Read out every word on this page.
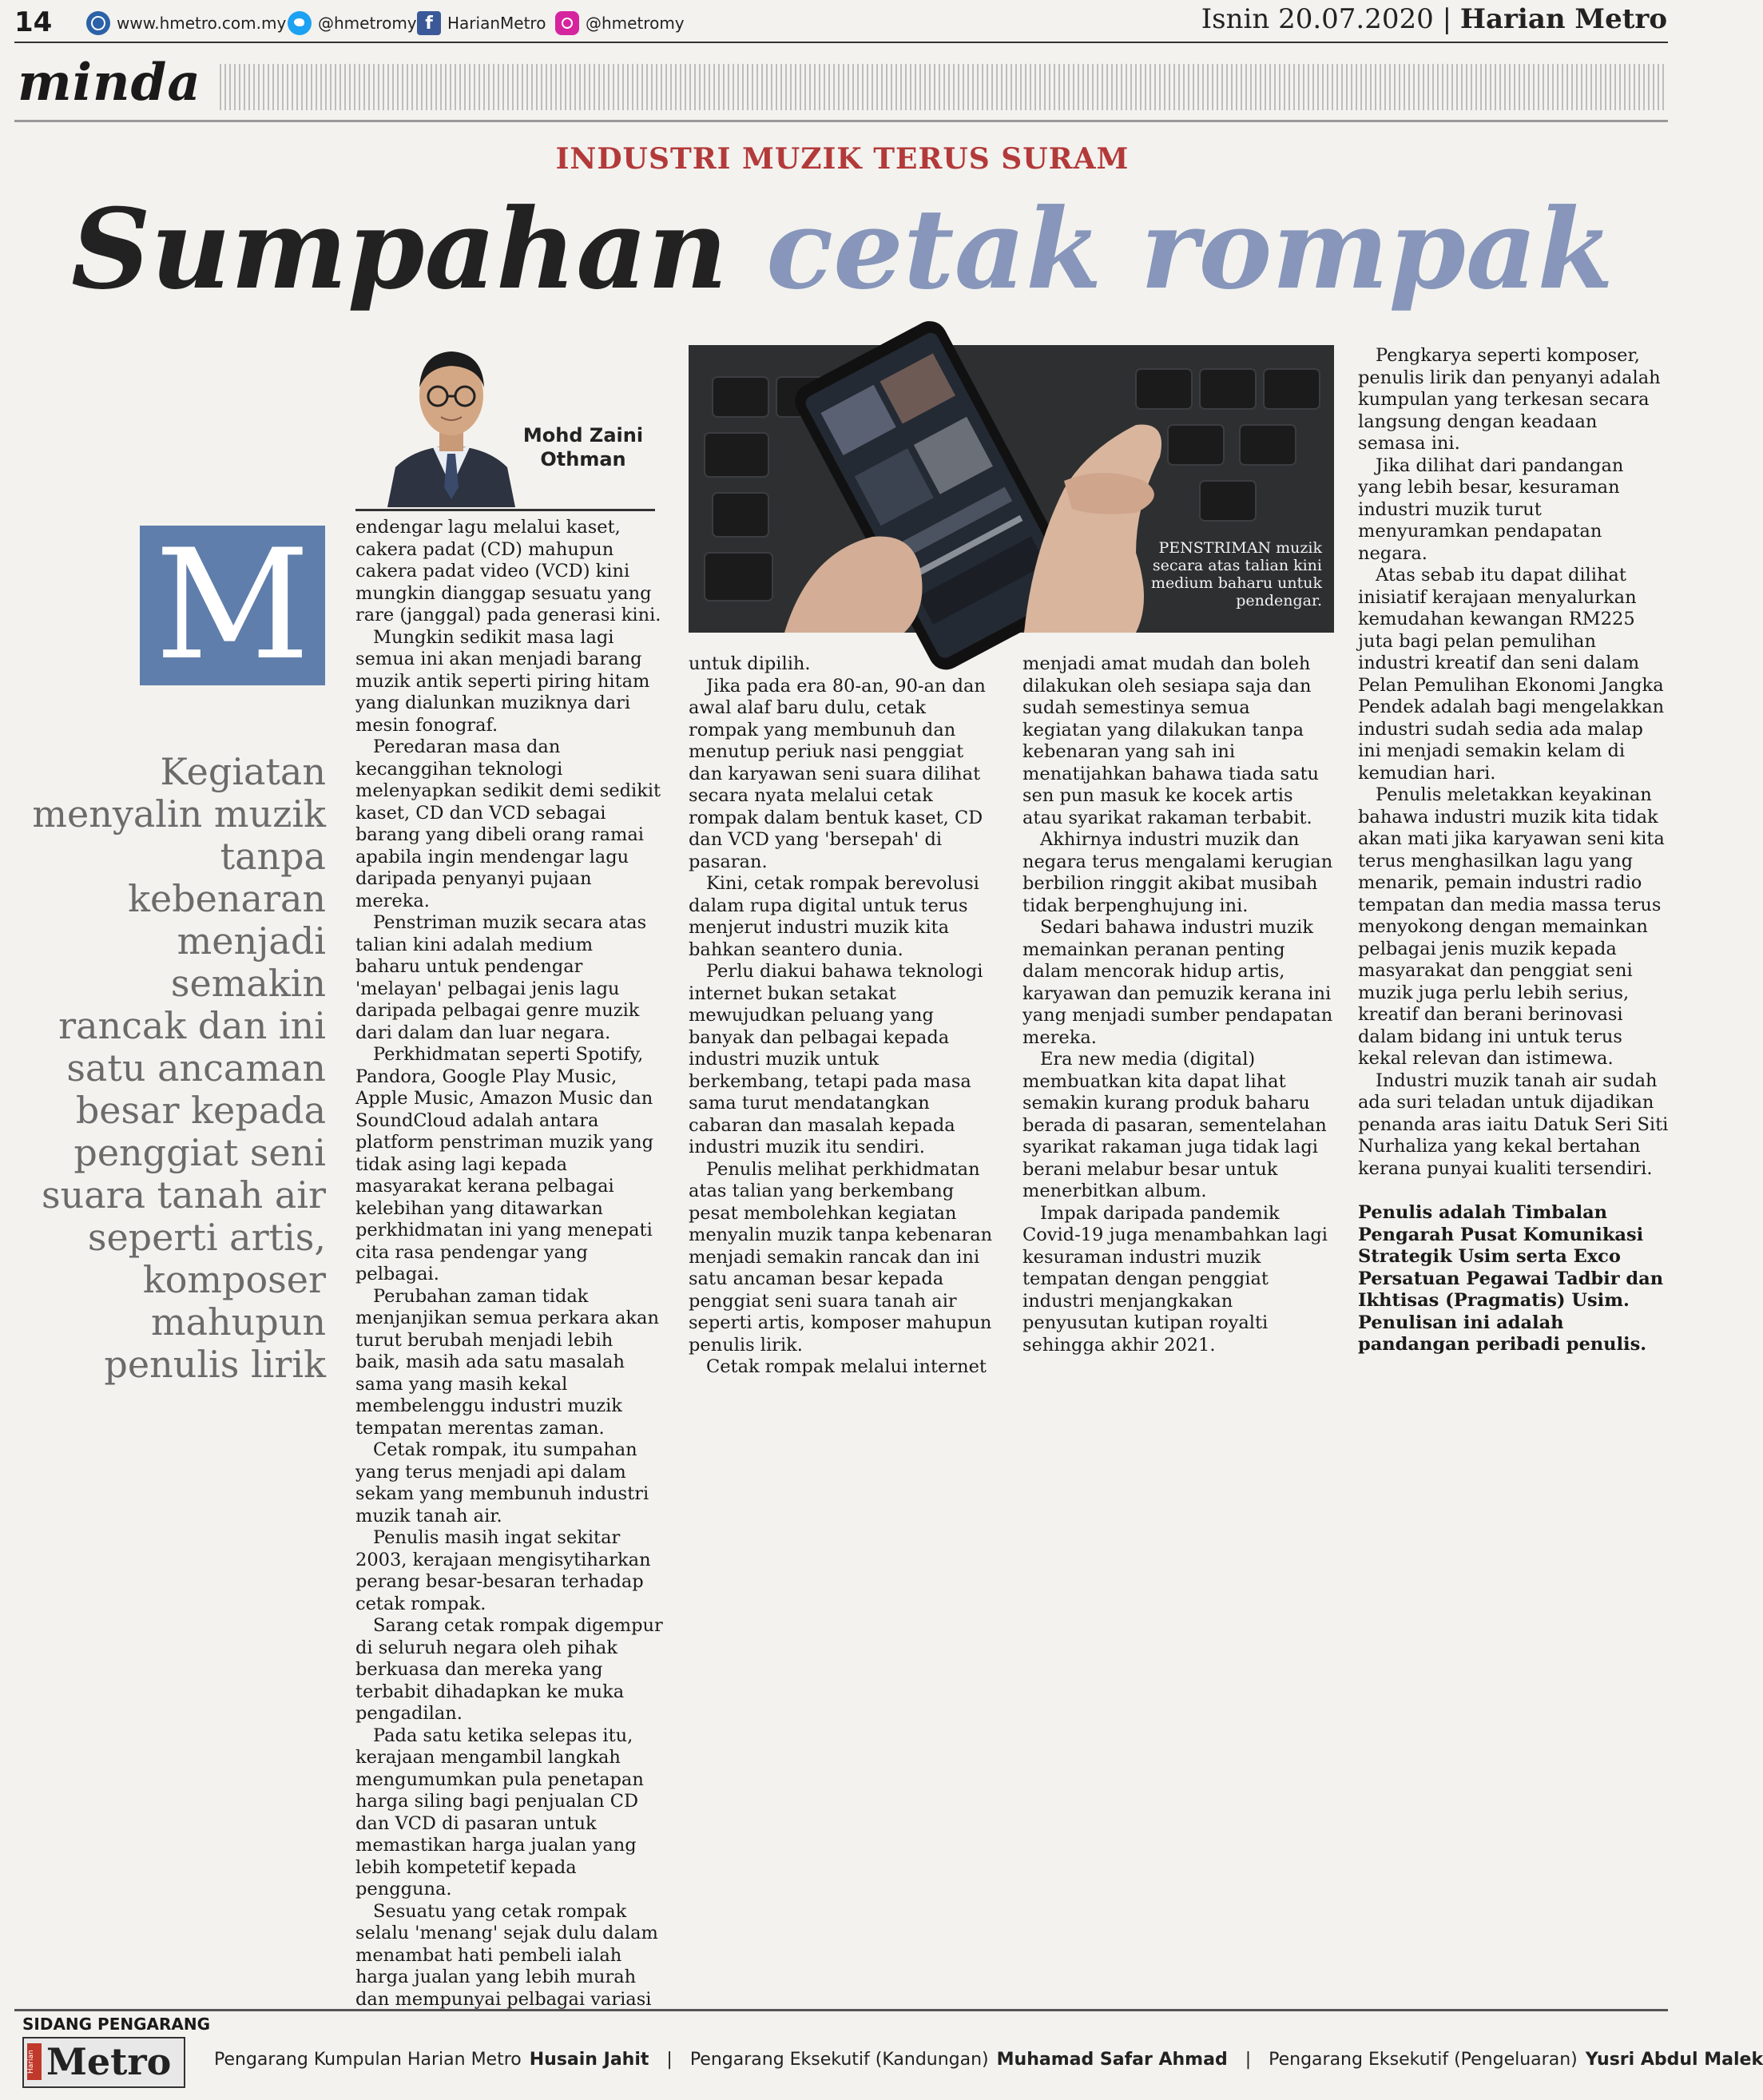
14	www.hmetro.com.my @hmetromy f HarianMetro @hmetromy	Isnin 20.07.2020 | Harian Metro
minda
INDUSTRI MUZIK TERUS SURAM
Sumpahan cetak rompak
Mohd Zaini
Othman
M
Kegiatan menyalin muzik tanpa kebenaran menjadi semakin rancak dan ini satu ancaman besar kepada penggiat seni suara tanah air seperti artis, komposer mahupun penulis lirik
PENSTRIMAN muzik secara atas talian kini medium baharu untuk pendengar.

endengar lagu melalui kaset, cakera padat (CD) mahupun cakera padat video (VCD) kini mungkin dianggap sesuatu yang rare (janggal) pada generasi kini.

Mungkin sedikit masa lagi semua ini akan menjadi barang muzik antik seperti piring hitam yang dialunkan muziknya dari mesin fonograf.

Peredaran masa dan kecanggihan teknologi melenyapkan sedikit demi sedikit kaset, CD dan VCD sebagai barang yang dibeli orang ramai apabila ingin mendengar lagu daripada penyanyi pujaan mereka.

Penstriman muzik secara atas talian kini adalah medium baharu untuk pendengar 'melayan' pelbagai jenis lagu daripada pelbagai genre muzik dari dalam dan luar negara.

Perkhidmatan seperti Spotify, Pandora, Google Play Music, Apple Music, Amazon Music dan SoundCloud adalah antara platform penstriman muzik yang tidak asing lagi kepada masyarakat kerana pelbagai kelebihan yang ditawarkan perkhidmatan ini yang menepati cita rasa pendengar yang pelbagai.

Perubahan zaman tidak menjanjikan semua perkara akan turut berubah menjadi lebih baik, masih ada satu masalah sama yang masih kekal membelenggu industri muzik tempatan merentas zaman.

Cetak rompak, itu sumpahan yang terus menjadi api dalam sekam yang membunuh industri muzik tanah air.

Penulis masih ingat sekitar 2003, kerajaan mengisytiharkan perang besar-besaran terhadap cetak rompak.

Sarang cetak rompak digempur di seluruh negara oleh pihak berkuasa dan mereka yang terbabit dihadapkan ke muka pengadilan.

Pada satu ketika selepas itu, kerajaan mengambil langkah mengumumkan pula penetapan harga siling bagi penjualan CD dan VCD di pasaran untuk memastikan harga jualan yang lebih kompetetif kepada pengguna.

Sesuatu yang cetak rompak selalu 'menang' sejak dulu dalam menambat hati pembeli ialah harga jualan yang lebih murah dan mempunyai pelbagai variasi

untuk dipilih.

Jika pada era 80-an, 90-an dan awal alaf baru dulu, cetak rompak yang membunuh dan menutup periuk nasi penggiat dan karyawan seni suara dilihat secara nyata melalui cetak rompak dalam bentuk kaset, CD dan VCD yang 'bersepah' di pasaran.

Kini, cetak rompak berevolusi dalam rupa digital untuk terus menjerut industri muzik kita bahkan seantero dunia.

Perlu diakui bahawa teknologi internet bukan setakat mewujudkan peluang yang banyak dan pelbagai kepada industri muzik untuk berkembang, tetapi pada masa sama turut mendatangkan cabaran dan masalah kepada industri muzik itu sendiri.

Penulis melihat perkhidmatan atas talian yang berkembang pesat membolehkan kegiatan menyalin muzik tanpa kebenaran menjadi semakin rancak dan ini satu ancaman besar kepada penggiat seni suara tanah air seperti artis, komposer mahupun penulis lirik.

Cetak rompak melalui internet

menjadi amat mudah dan boleh dilakukan oleh sesiapa saja dan sudah semestinya semua kegiatan yang dilakukan tanpa kebenaran yang sah ini menatijahkan bahawa tiada satu sen pun masuk ke kocek artis atau syarikat rakaman terbabit.

Akhirnya industri muzik dan negara terus mengalami kerugian berbilion ringgit akibat musibah tidak berpenghujung ini.

Sedari bahawa industri muzik memainkan peranan penting dalam mencorak hidup artis, karyawan dan pemuzik kerana ini yang menjadi sumber pendapatan mereka.

Era new media (digital) membuatkan kita dapat lihat semakin kurang produk baharu berada di pasaran, sementelahan syarikat rakaman juga tidak lagi berani melabur besar untuk menerbitkan album.

Impak daripada pandemik Covid-19 juga menambahkan lagi kesuraman industri muzik tempatan dengan penggiat industri menjangkakan penyusutan kutipan royalti sehingga akhir 2021.

Pengkarya seperti komposer, penulis lirik dan penyanyi adalah kumpulan yang terkesan secara langsung dengan keadaan semasa ini.

Jika dilihat dari pandangan yang lebih besar, kesuraman industri muzik turut menyuramkan pendapatan negara.

Atas sebab itu dapat dilihat inisiatif kerajaan menyalurkan kemudahan kewangan RM225 juta bagi pelan pemulihan industri kreatif dan seni dalam Pelan Pemulihan Ekonomi Jangka Pendek adalah bagi mengelakkan industri sudah sedia ada malap ini menjadi semakin kelam di kemudian hari.

Penulis meletakkan keyakinan bahawa industri muzik kita tidak akan mati jika karyawan seni kita terus menghasilkan lagu yang menarik, pemain industri radio tempatan dan media massa terus menyokong dengan memainkan pelbagai jenis muzik kepada masyarakat dan penggiat seni muzik juga perlu lebih serius, kreatif dan berani berinovasi dalam bidang ini untuk terus kekal relevan dan istimewa.

Industri muzik tanah air sudah ada suri teladan untuk dijadikan penanda aras iaitu Datuk Seri Siti Nurhaliza yang kekal bertahan kerana punyai kualiti tersendiri.

Penulis adalah Timbalan Pengarah Pusat Komunikasi Strategik Usim serta Exco Persatuan Pegawai Tadbir dan Ikhtisas (Pragmatis) Usim. Penulisan ini adalah pandangan peribadi penulis.

SIDANG PENGARANG
Harian Metro Pengarang Kumpulan Harian Metro Husain Jahit | Pengarang Eksekutif (Kandungan) Muhamad Safar Ahmad | Pengarang Eksekutif (Pengeluaran) Yusri Abdul Malek
